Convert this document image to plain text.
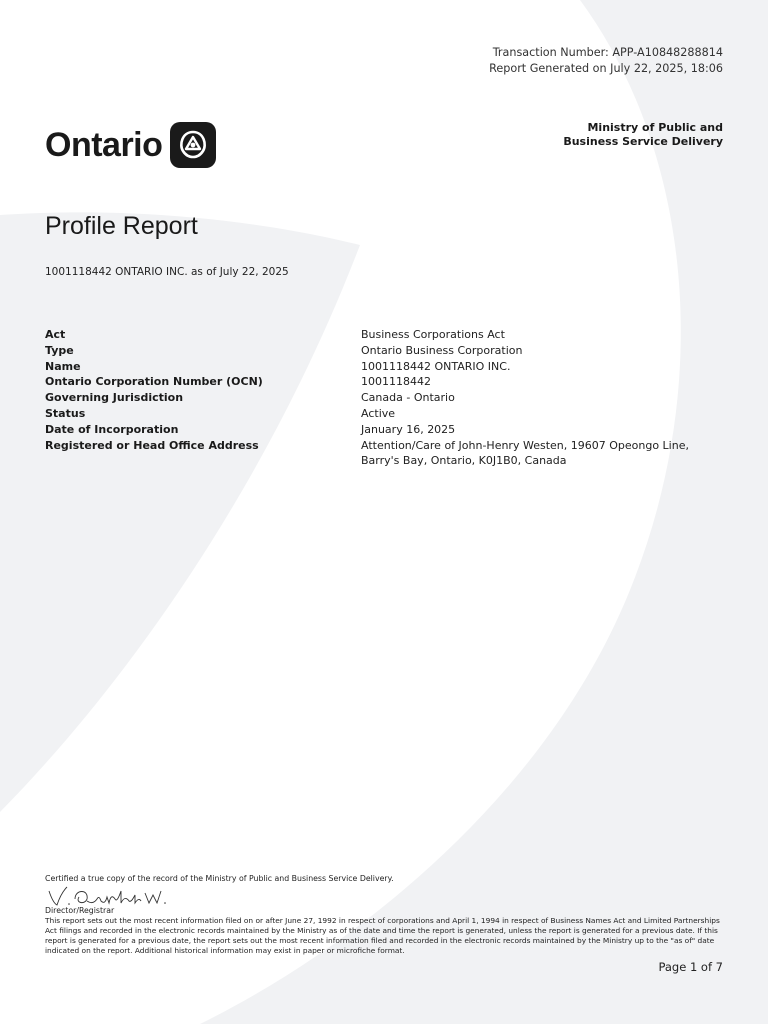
Transaction Number: APP-A10848288814
Report Generated on July 22, 2025, 18:06
Ontario	Ministry of Public and
Business Service Delivery
Profile Report
1001118442 ONTARIO INC. as of July 22, 2025
Act	Business Corporations Act
Type	Ontario Business Corporation
Name	1001118442 ONTARIO INC.
Ontario Corporation Number (OCN)	1001118442
Governing Jurisdiction	Canada - Ontario
Status	Active
Date of Incorporation	January 16, 2025
Registered or Head Office Address	Attention/Care of John-Henry Westen, 19607 Opeongo Line,
Barry's Bay, Ontario, K0J1B0, Canada
Certified a true copy of the record of the Ministry of Public and Business Service Delivery.
Director/Registrar
This report sets out the most recent information filed on or after June 27, 1992 in respect of corporations and April 1, 1994 in respect of Business Names Act and Limited Partnerships Act filings and recorded in the electronic records maintained by the Ministry as of the date and time the report is generated, unless the report is generated for a previous date. If this report is generated for a previous date, the report sets out the most recent information filed and recorded in the electronic records maintained by the Ministry up to the "as of" date indicated on the report. Additional historical information may exist in paper or microfiche format.
Page 1 of 7
